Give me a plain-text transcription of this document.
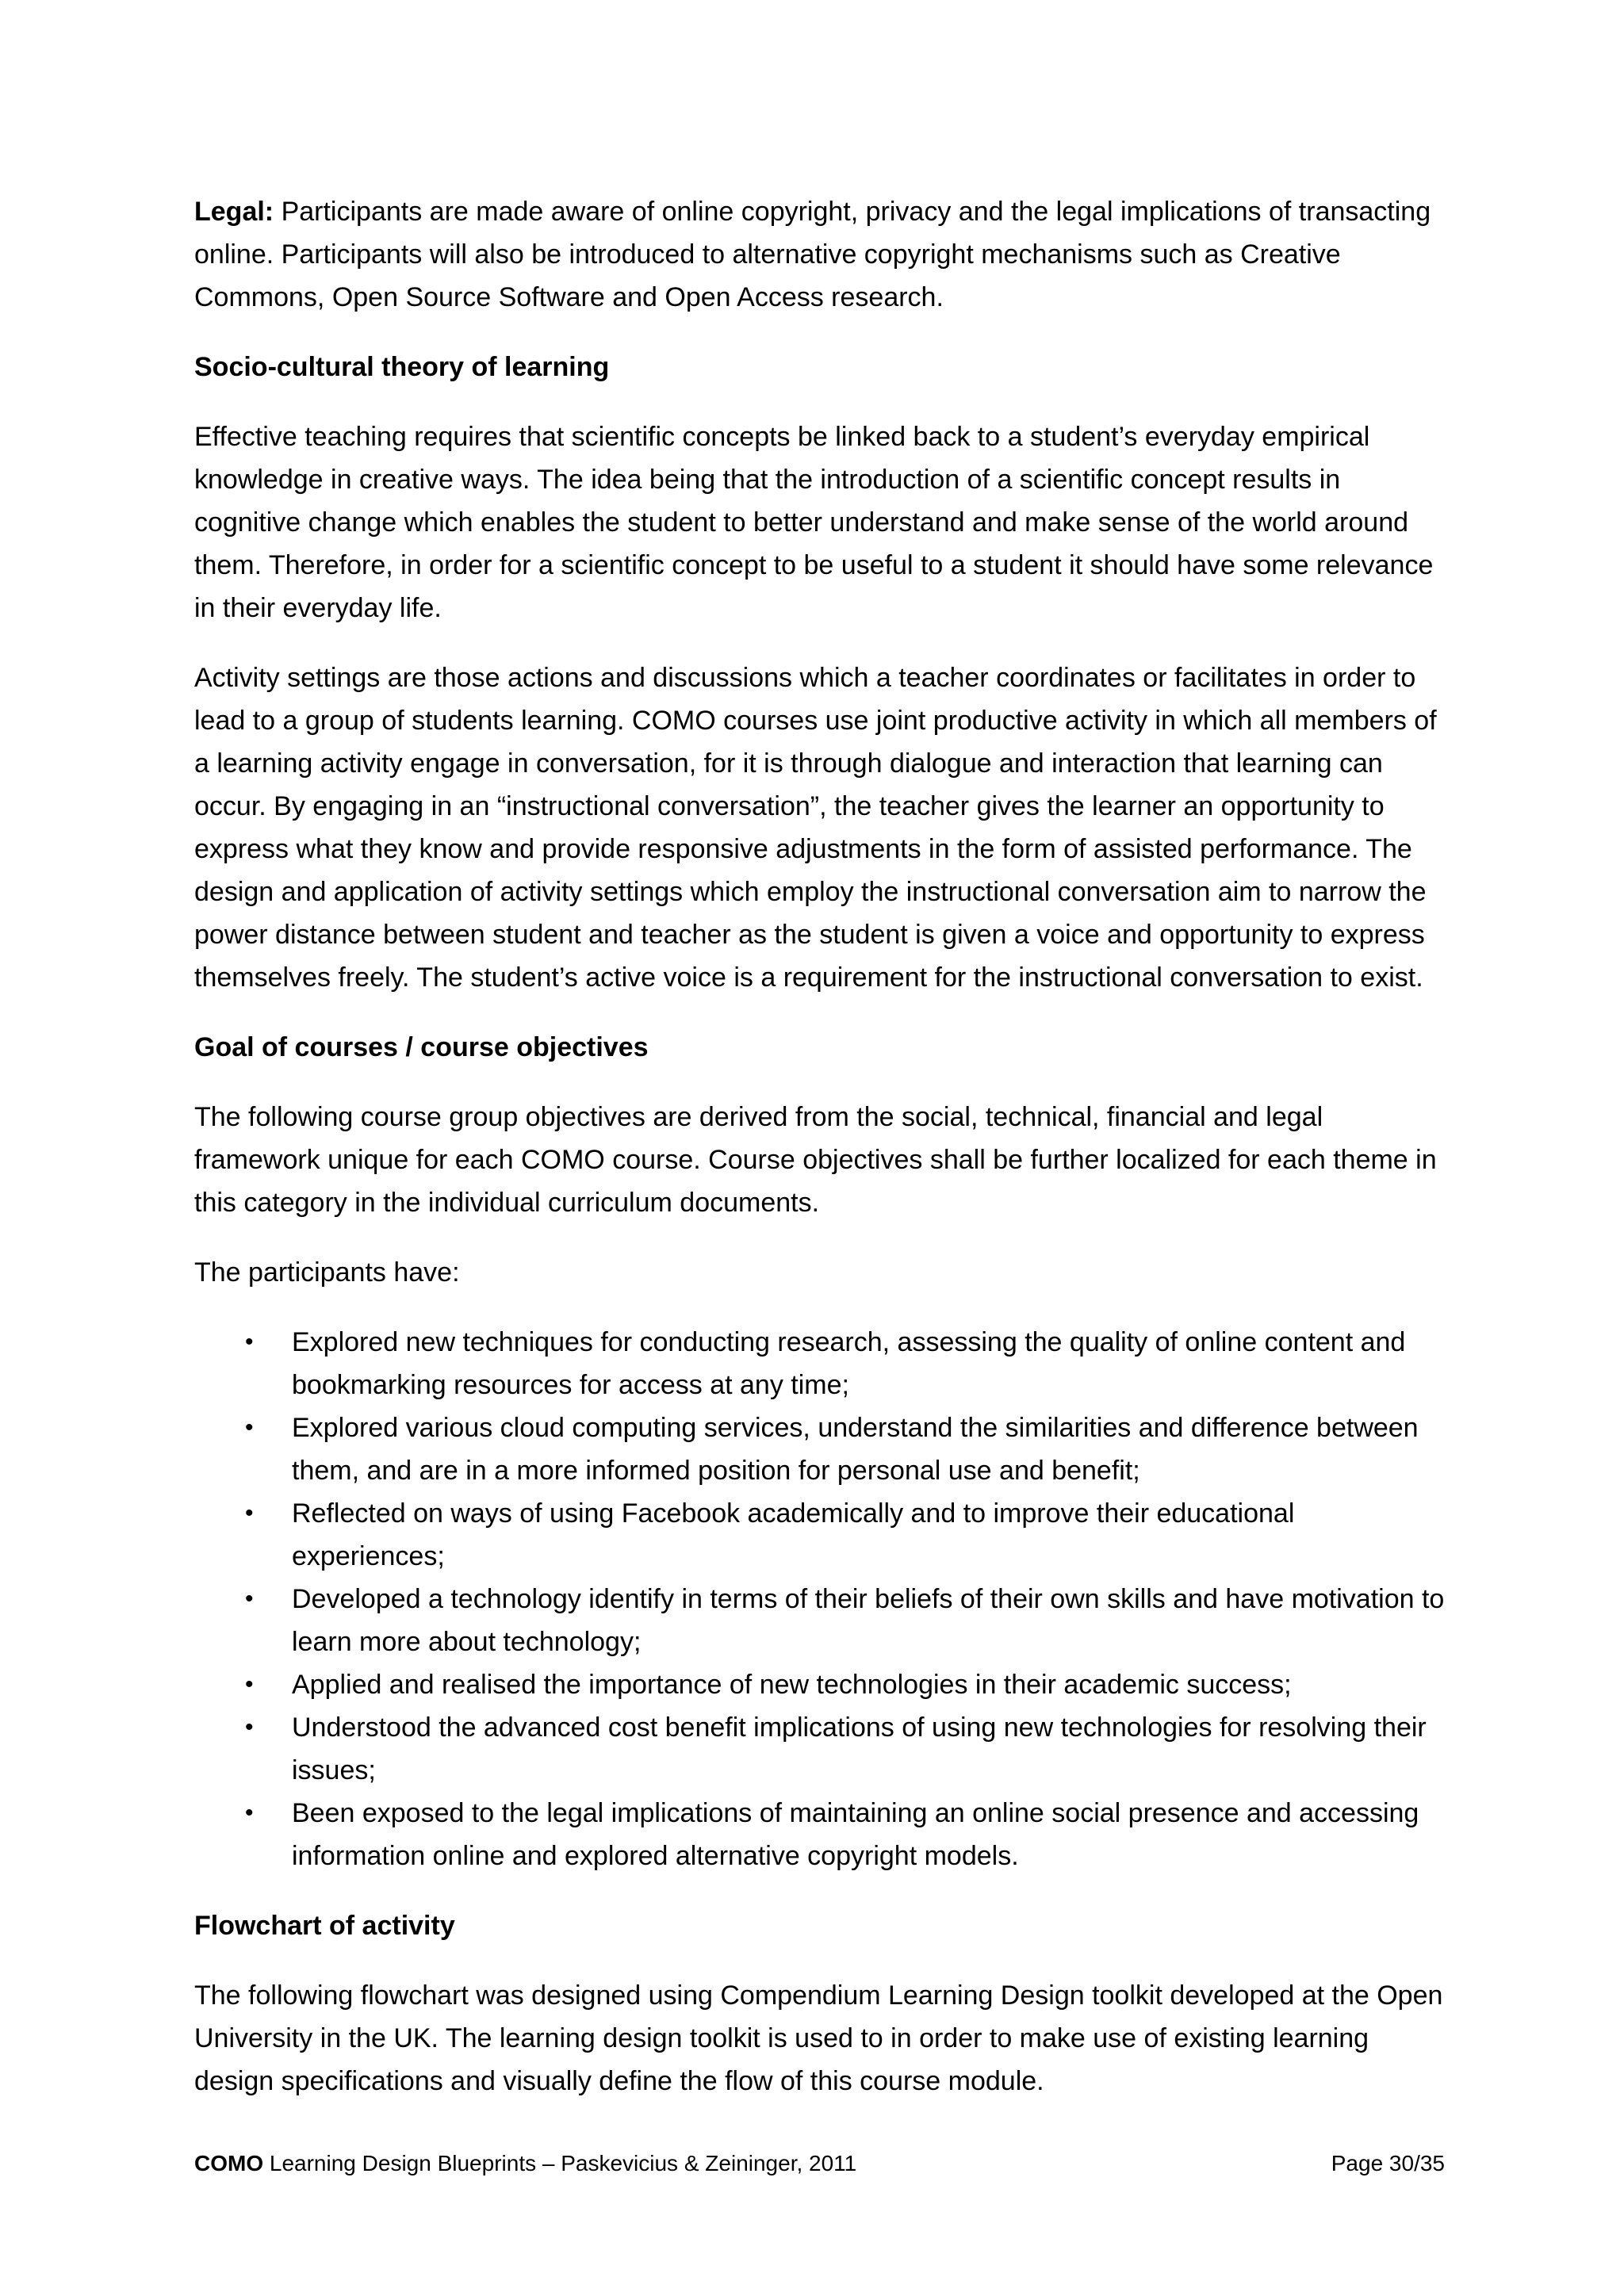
Legal: Participants are made aware of online copyright, privacy and the legal implications of transacting online. Participants will also be introduced to alternative copyright mechanisms such as Creative Commons, Open Source Software and Open Access research.

Socio-cultural theory of learning

Effective teaching requires that scientific concepts be linked back to a student’s everyday empirical knowledge in creative ways. The idea being that the introduction of a scientific concept results in cognitive change which enables the student to better understand and make sense of the world around them. Therefore, in order for a scientific concept to be useful to a student it should have some relevance in their everyday life.

Activity settings are those actions and discussions which a teacher coordinates or facilitates in order to lead to a group of students learning. COMO courses use joint productive activity in which all members of a learning activity engage in conversation, for it is through dialogue and interaction that learning can occur. By engaging in an “instructional conversation”, the teacher gives the learner an opportunity to express what they know and provide responsive adjustments in the form of assisted performance. The design and application of activity settings which employ the instructional conversation aim to narrow the power distance between student and teacher as the student is given a voice and opportunity to express themselves freely. The student’s active voice is a requirement for the instructional conversation to exist.

Goal of courses / course objectives

The following course group objectives are derived from the social, technical, financial and legal framework unique for each COMO course. Course objectives shall be further localized for each theme in this category in the individual curriculum documents.

The participants have:

• Explored new techniques for conducting research, assessing the quality of online content and bookmarking resources for access at any time;
• Explored various cloud computing services, understand the similarities and difference between them, and are in a more informed position for personal use and benefit;
• Reflected on ways of using Facebook academically and to improve their educational experiences;
• Developed a technology identify in terms of their beliefs of their own skills and have motivation to learn more about technology;
• Applied and realised the importance of new technologies in their academic success;
• Understood the advanced cost benefit implications of using new technologies for resolving their issues;
• Been exposed to the legal implications of maintaining an online social presence and accessing information online and explored alternative copyright models.

Flowchart of activity

The following flowchart was designed using Compendium Learning Design toolkit developed at the Open University in the UK. The learning design toolkit is used to in order to make use of existing learning design specifications and visually define the flow of this course module.

COMO Learning Design Blueprints – Paskevicius & Zeininger, 2011	Page 30/35
